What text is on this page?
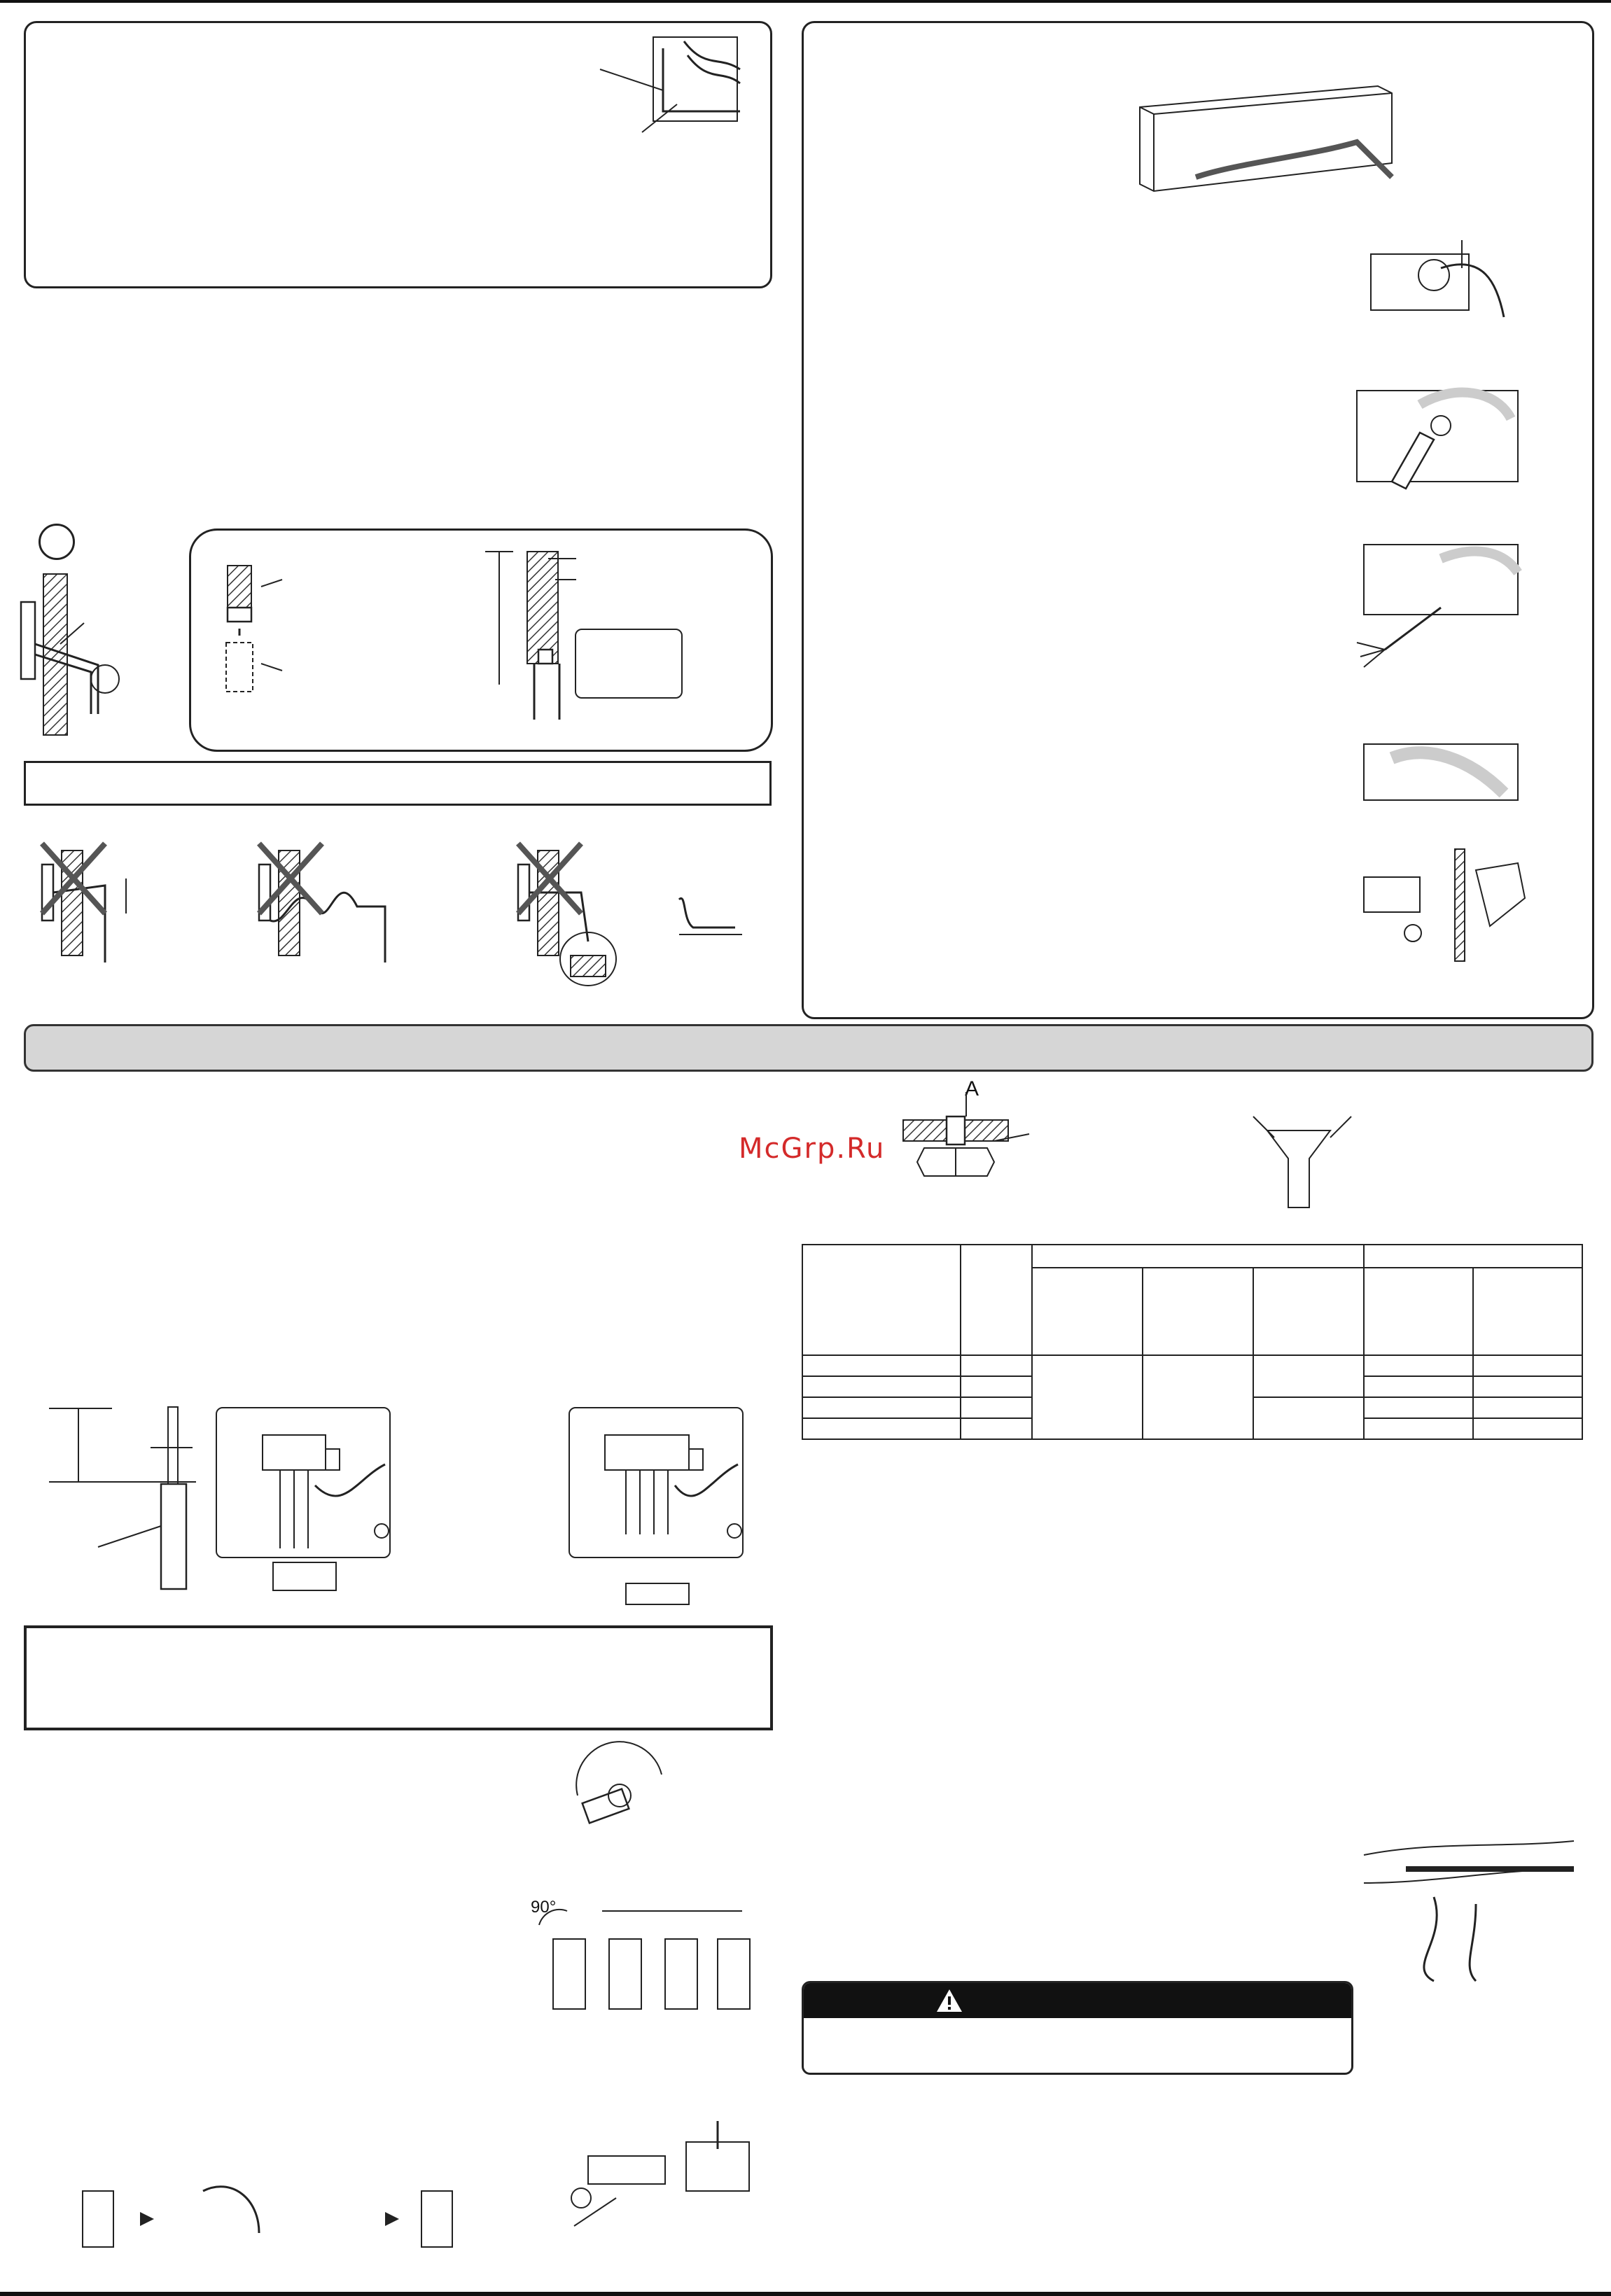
McGrp.Ru
A

90°
